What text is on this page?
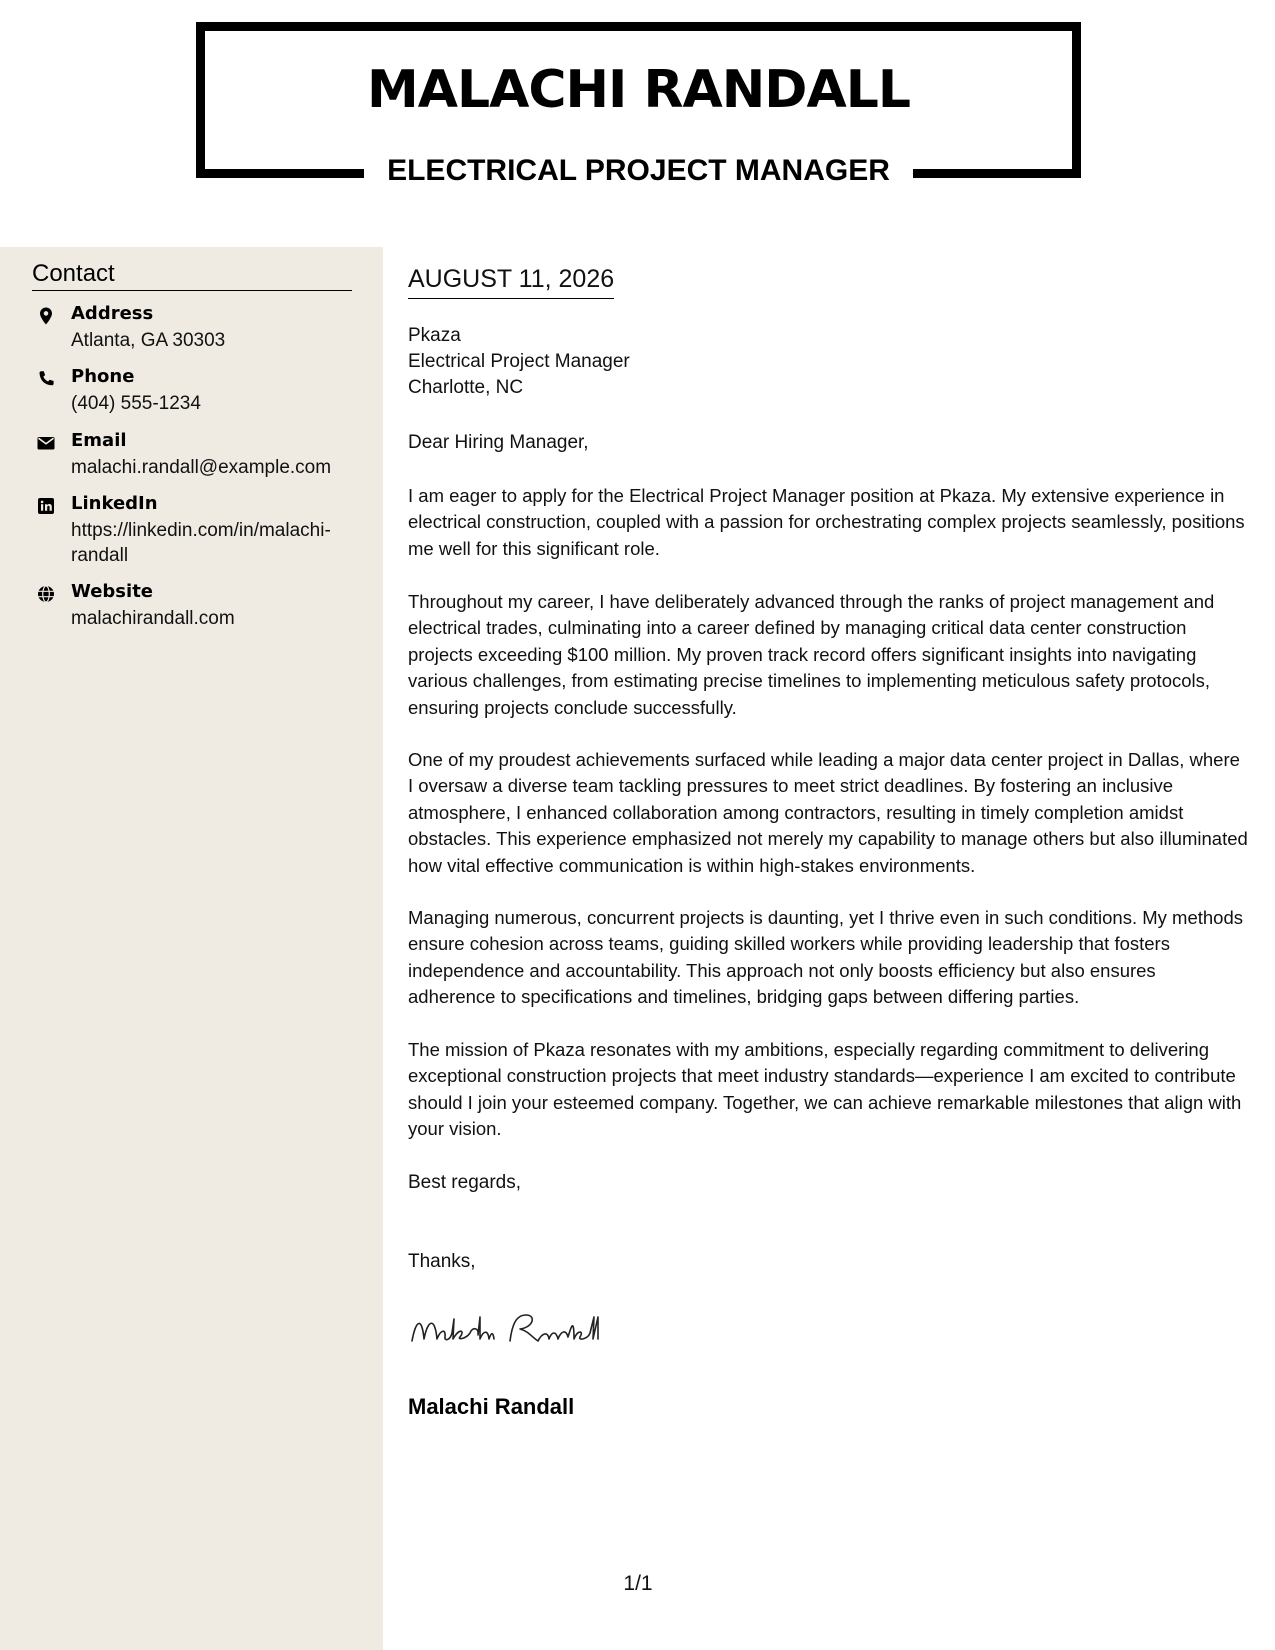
MALACHI RANDALL
ELECTRICAL PROJECT MANAGER
Contact
Address
Atlanta, GA 30303
Phone
(404) 555-1234
Email
malachi.randall@example.com
LinkedIn
https://linkedin.com/in/malachi-randall
Website
malachirandall.com
AUGUST 11, 2026
Pkaza
Electrical Project Manager
Charlotte, NC
Dear Hiring Manager,

I am eager to apply for the Electrical Project Manager position at Pkaza. My extensive experience in electrical construction, coupled with a passion for orchestrating complex projects seamlessly, positions me well for this significant role.

Throughout my career, I have deliberately advanced through the ranks of project management and electrical trades, culminating into a career defined by managing critical data center construction projects exceeding $100 million. My proven track record offers significant insights into navigating various challenges, from estimating precise timelines to implementing meticulous safety protocols, ensuring projects conclude successfully.

One of my proudest achievements surfaced while leading a major data center project in Dallas, where I oversaw a diverse team tackling pressures to meet strict deadlines. By fostering an inclusive atmosphere, I enhanced collaboration among contractors, resulting in timely completion amidst obstacles. This experience emphasized not merely my capability to manage others but also illuminated how vital effective communication is within high-stakes environments.

Managing numerous, concurrent projects is daunting, yet I thrive even in such conditions. My methods ensure cohesion across teams, guiding skilled workers while providing leadership that fosters independence and accountability. This approach not only boosts efficiency but also ensures adherence to specifications and timelines, bridging gaps between differing parties.

The mission of Pkaza resonates with my ambitions, especially regarding commitment to delivering exceptional construction projects that meet industry standards—experience I am excited to contribute should I join your esteemed company. Together, we can achieve remarkable milestones that align with your vision.

Best regards,
Thanks,
Malachi Randall
1/1
